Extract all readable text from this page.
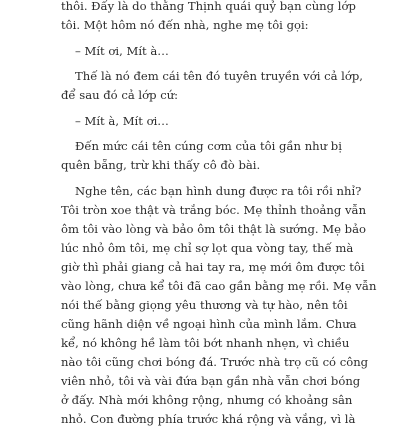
thôi. Đấy là do thằng Thịnh quái quỷ bạn cùng lớp
tôi. Một hôm nó đến nhà, nghe mẹ tôi gọi:
– Mít ơi, Mít à…
Thế là nó đem cái tên đó tuyên truyền với cả lớp,
để sau đó cả lớp cứ:
– Mít à, Mít ơi…
Đến mức cái tên cúng cơm của tôi gần như bị
quên bẵng, trừ khi thấy cô đò bài.
Nghe tên, các bạn hình dung được ra tôi rồi nhỉ?
Tôi tròn xoe thật và trắng bóc. Mẹ thỉnh thoảng vẫn
ôm tôi vào lòng và bảo ôm tôi thật là sướng. Mẹ bảo
lúc nhỏ ôm tôi, mẹ chỉ sợ lọt qua vòng tay, thế mà
giờ thì phải giang cả hai tay ra, mẹ mới ôm được tôi
vào lòng, chưa kể tôi đã cao gần bằng mẹ rồi. Mẹ vẫn
nói thế bằng giọng yêu thương và tự hào, nên tôi
cũng hãnh diện về ngoại hình của mình lắm. Chưa
kể, nó không hề làm tôi bớt nhanh nhẹn, vì chiều
nào tôi cũng chơi bóng đá. Trước nhà trọ cũ có công
viên nhỏ, tôi và vài đứa bạn gần nhà vẫn chơi bóng
ở đấy. Nhà mới không rộng, nhưng có khoảng sân
nhỏ. Con đường phía trước khá rộng và vắng, vì là
